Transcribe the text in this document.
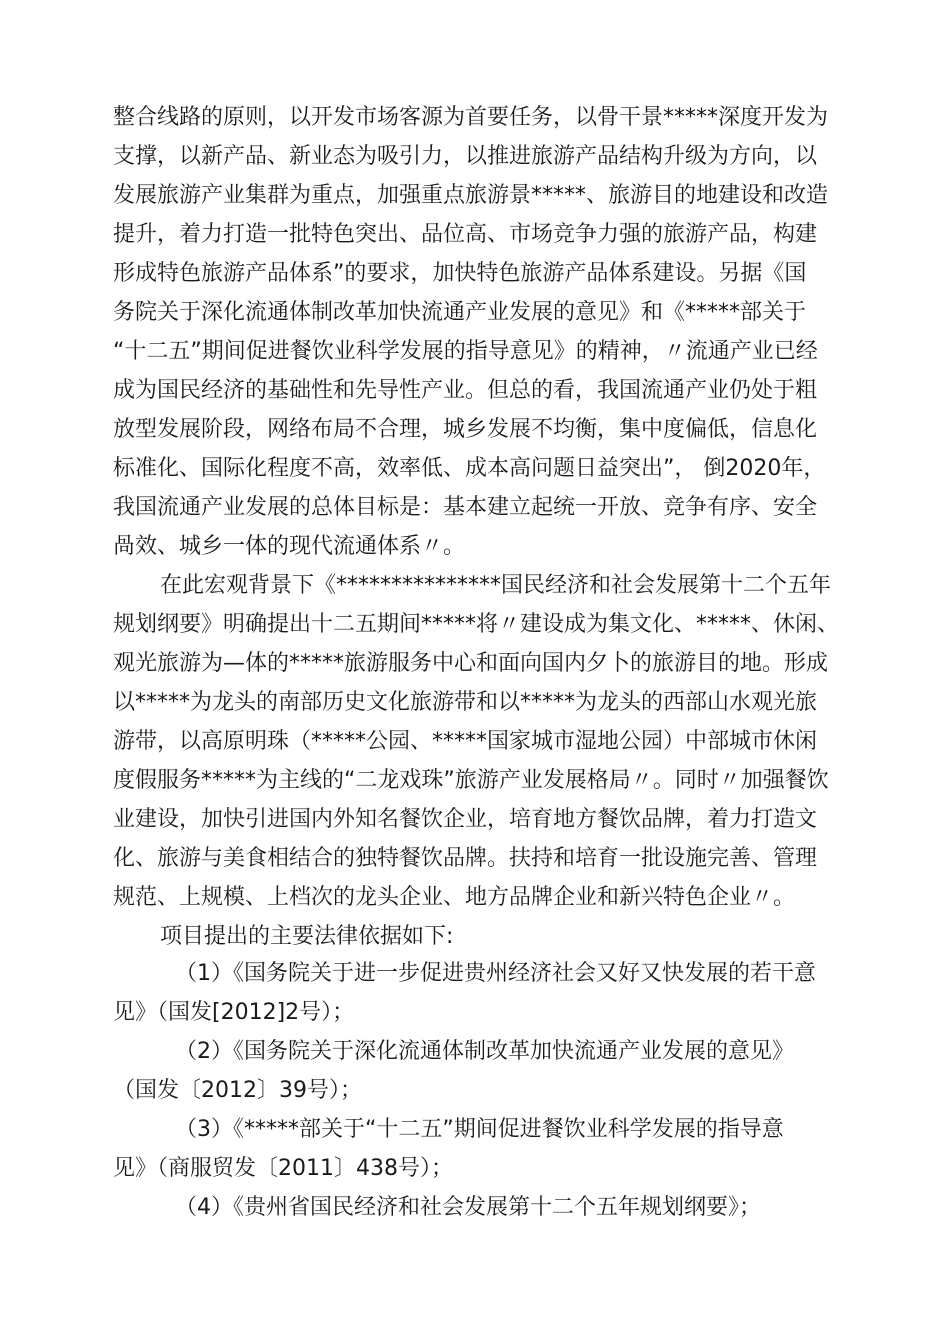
整合线路的原则，以开发市场客源为首要任务，以骨干景*****深度开发为
支撑，以新产品、新业态为吸引力，以推进旅游产品结构升级为方向，以
发展旅游产业集群为重点，加强重点旅游景*****、旅游目的地建设和改造
提升，着力打造一批特色突出、品位高、市场竞争力强的旅游产品，构建
形成特色旅游产品体系”的要求，加快特色旅游产品体系建设。另据《国
务院关于深化流通体制改革加快流通产业发展的意见》和《*****部关于
“十二五”期间促进餐饮业科学发展的指导意见》的精神，〃流通产业已经
成为国民经济的基础性和先导性产业。但总的看，我国流通产业仍处于粗
放型发展阶段，网络布局不合理，城乡发展不均衡，集中度偏低，信息化
标准化、国际化程度不高，效率低、成本高问题日益突出”， 倒2020年，
我国流通产业发展的总体目标是：基本建立起统一开放、竞争有序、安全
咼效、城乡一体的现代流通体系〃。
在此宏观背景下《***************国民经济和社会发展第十二个五年
规划纲要》明确提出十二五期间*****将〃建设成为集文化、*****、休闲、
观光旅游为—体的*****旅游服务中心和面向国内夕卜的旅游目的地。形成
以*****为龙头的南部历史文化旅游带和以*****为龙头的西部山水观光旅
游带，以高原明珠（*****公园、*****国家城市湿地公园）中部城市休闲
度假服务*****为主线的“二龙戏珠”旅游产业发展格局〃。同时〃加强餐饮
业建设，加快引进国内外知名餐饮企业，培育地方餐饮品牌，着力打造文
化、旅游与美食相结合的独特餐饮品牌。扶持和培育一批设施完善、管理
规范、上规模、上档次的龙头企业、地方品牌企业和新兴特色企业〃。
项目提出的主要法律依据如下:
（1）《国务院关于进一步促进贵州经济社会又好又快发展的若干意
见》（国发[2012]2号）；
（2）《国务院关于深化流通体制改革加快流通产业发展的意见》
（国发〔2012〕39号）；
（3）《*****部关于“十二五”期间促进餐饮业科学发展的指导意
见》（商服贸发〔2011〕438号）；
（4）《贵州省国民经济和社会发展第十二个五年规划纲要》；
